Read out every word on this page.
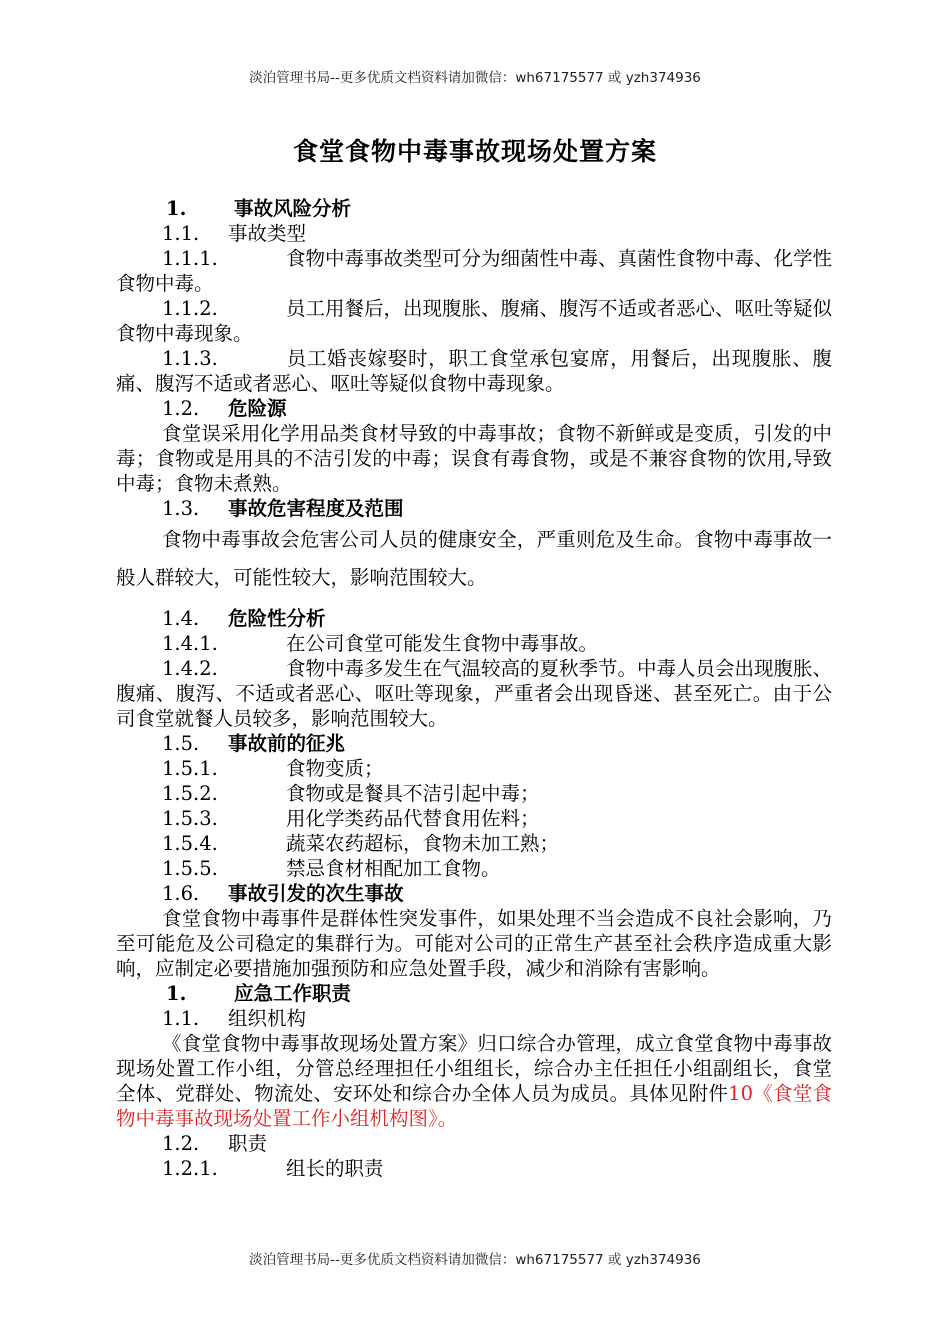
淡泊管理书局--更多优质文档资料请加微信：wh67175577 或 yzh374936
食堂食物中毒事故现场处置方案
1. 事故风险分析
1.1. 事故类型
1.1.1.	食物中毒事故类型可分为细菌性中毒、真菌性食物中毒、化学性食物中毒。
1.1.2.	员工用餐后，出现腹胀、腹痛、腹泻不适或者恶心、呕吐等疑似食物中毒现象。
1.1.3.	员工婚丧嫁娶时，职工食堂承包宴席，用餐后，出现腹胀、腹痛、腹泻不适或者恶心、呕吐等疑似食物中毒现象。
1.2. 危险源
食堂误采用化学用品类食材导致的中毒事故；食物不新鲜或是变质，引发的中毒；食物或是用具的不洁引发的中毒；误食有毒食物，或是不兼容食物的饮用,导致中毒；食物未煮熟。
1.3. 事故危害程度及范围
食物中毒事故会危害公司人员的健康安全，严重则危及生命。食物中毒事故一般人群较大，可能性较大，影响范围较大。
1.4. 危险性分析
1.4.1.	在公司食堂可能发生食物中毒事故。
1.4.2.	食物中毒多发生在气温较高的夏秋季节。中毒人员会出现腹胀、腹痛、腹泻、不适或者恶心、呕吐等现象，严重者会出现昏迷、甚至死亡。由于公司食堂就餐人员较多，影响范围较大。
1.5. 事故前的征兆
1.5.1.	食物变质；
1.5.2.	食物或是餐具不洁引起中毒；
1.5.3.	用化学类药品代替食用佐料；
1.5.4.	蔬菜农药超标，食物未加工熟；
1.5.5.	禁忌食材相配加工食物。
1.6. 事故引发的次生事故
食堂食物中毒事件是群体性突发事件，如果处理不当会造成不良社会影响，乃至可能危及公司稳定的集群行为。可能对公司的正常生产甚至社会秩序造成重大影响，应制定必要措施加强预防和应急处置手段，减少和消除有害影响。
1. 应急工作职责
1.1. 组织机构
《食堂食物中毒事故现场处置方案》归口综合办管理，成立食堂食物中毒事故现场处置工作小组，分管总经理担任小组组长，综合办主任担任小组副组长，食堂全体、党群处、物流处、安环处和综合办全体人员为成员。具体见附件10《食堂食物中毒事故现场处置工作小组机构图》。
1.2. 职责
1.2.1.	组长的职责
淡泊管理书局--更多优质文档资料请加微信：wh67175577 或 yzh374936
